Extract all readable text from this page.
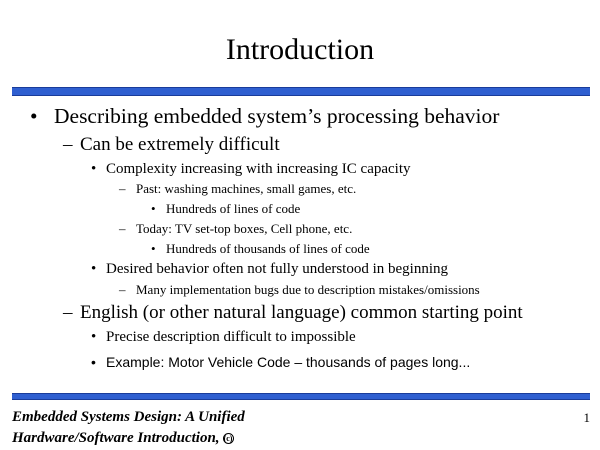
Introduction
• Describing embedded system’s processing behavior
– Can be extremely difficult
• Complexity increasing with increasing IC capacity
– Past: washing machines, small games, etc.
• Hundreds of lines of code
– Today: TV set-top boxes, Cell phone, etc.
• Hundreds of thousands of lines of code
• Desired behavior often not fully understood in beginning
– Many implementation bugs due to description mistakes/omissions
– English (or other natural language) common starting point
• Precise description difficult to impossible
• Example: Motor Vehicle Code – thousands of pages long...
Embedded Systems Design: A Unified
Hardware/Software Introduction, (c)
1
